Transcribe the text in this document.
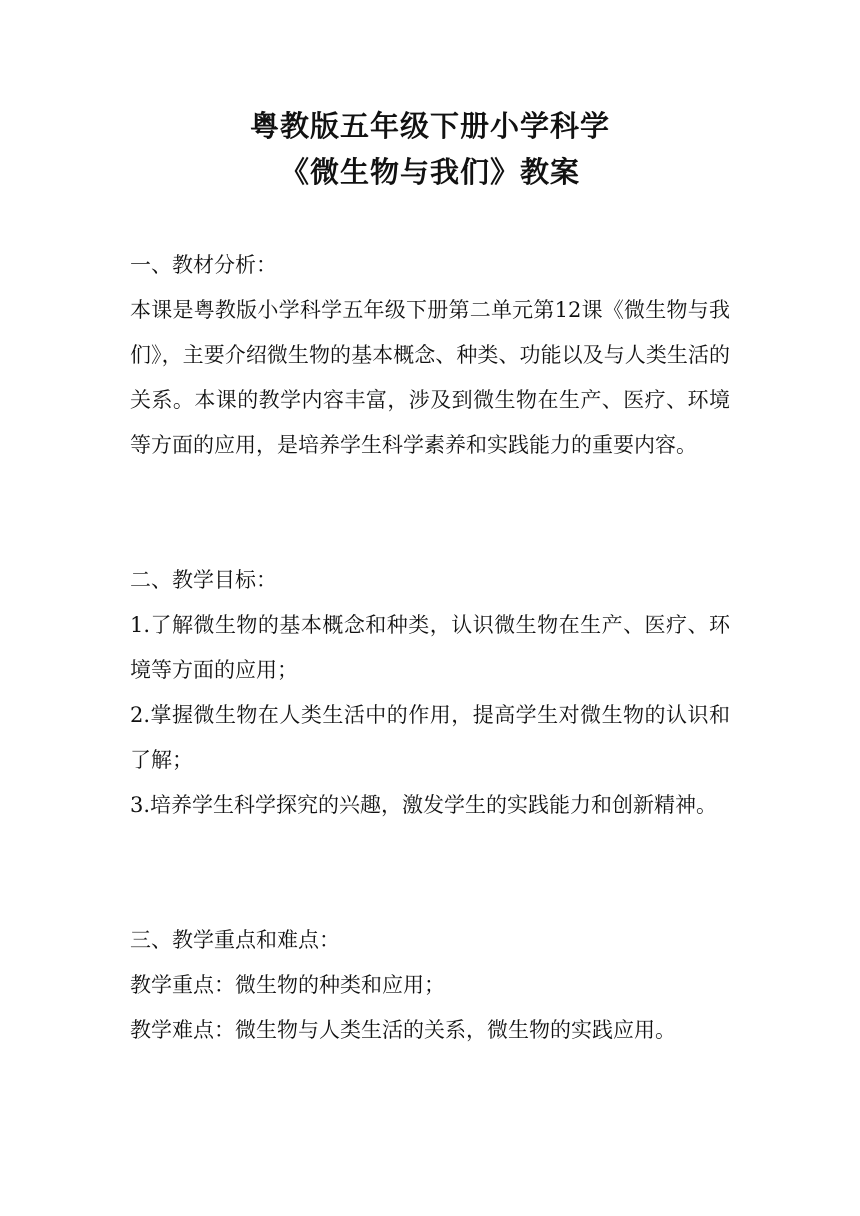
粤教版五年级下册小学科学
《微生物与我们》教案

一、教材分析：

本课是粤教版小学科学五年级下册第二单元第12课《微生物与我们》，主要介绍微生物的基本概念、种类、功能以及与人类生活的关系。本课的教学内容丰富，涉及到微生物在生产、医疗、环境等方面的应用，是培养学生科学素养和实践能力的重要内容。

二、教学目标：

1.了解微生物的基本概念和种类，认识微生物在生产、医疗、环境等方面的应用；

2.掌握微生物在人类生活中的作用，提高学生对微生物的认识和了解；

3.培养学生科学探究的兴趣，激发学生的实践能力和创新精神。

三、教学重点和难点：

教学重点：微生物的种类和应用；

教学难点：微生物与人类生活的关系，微生物的实践应用。
